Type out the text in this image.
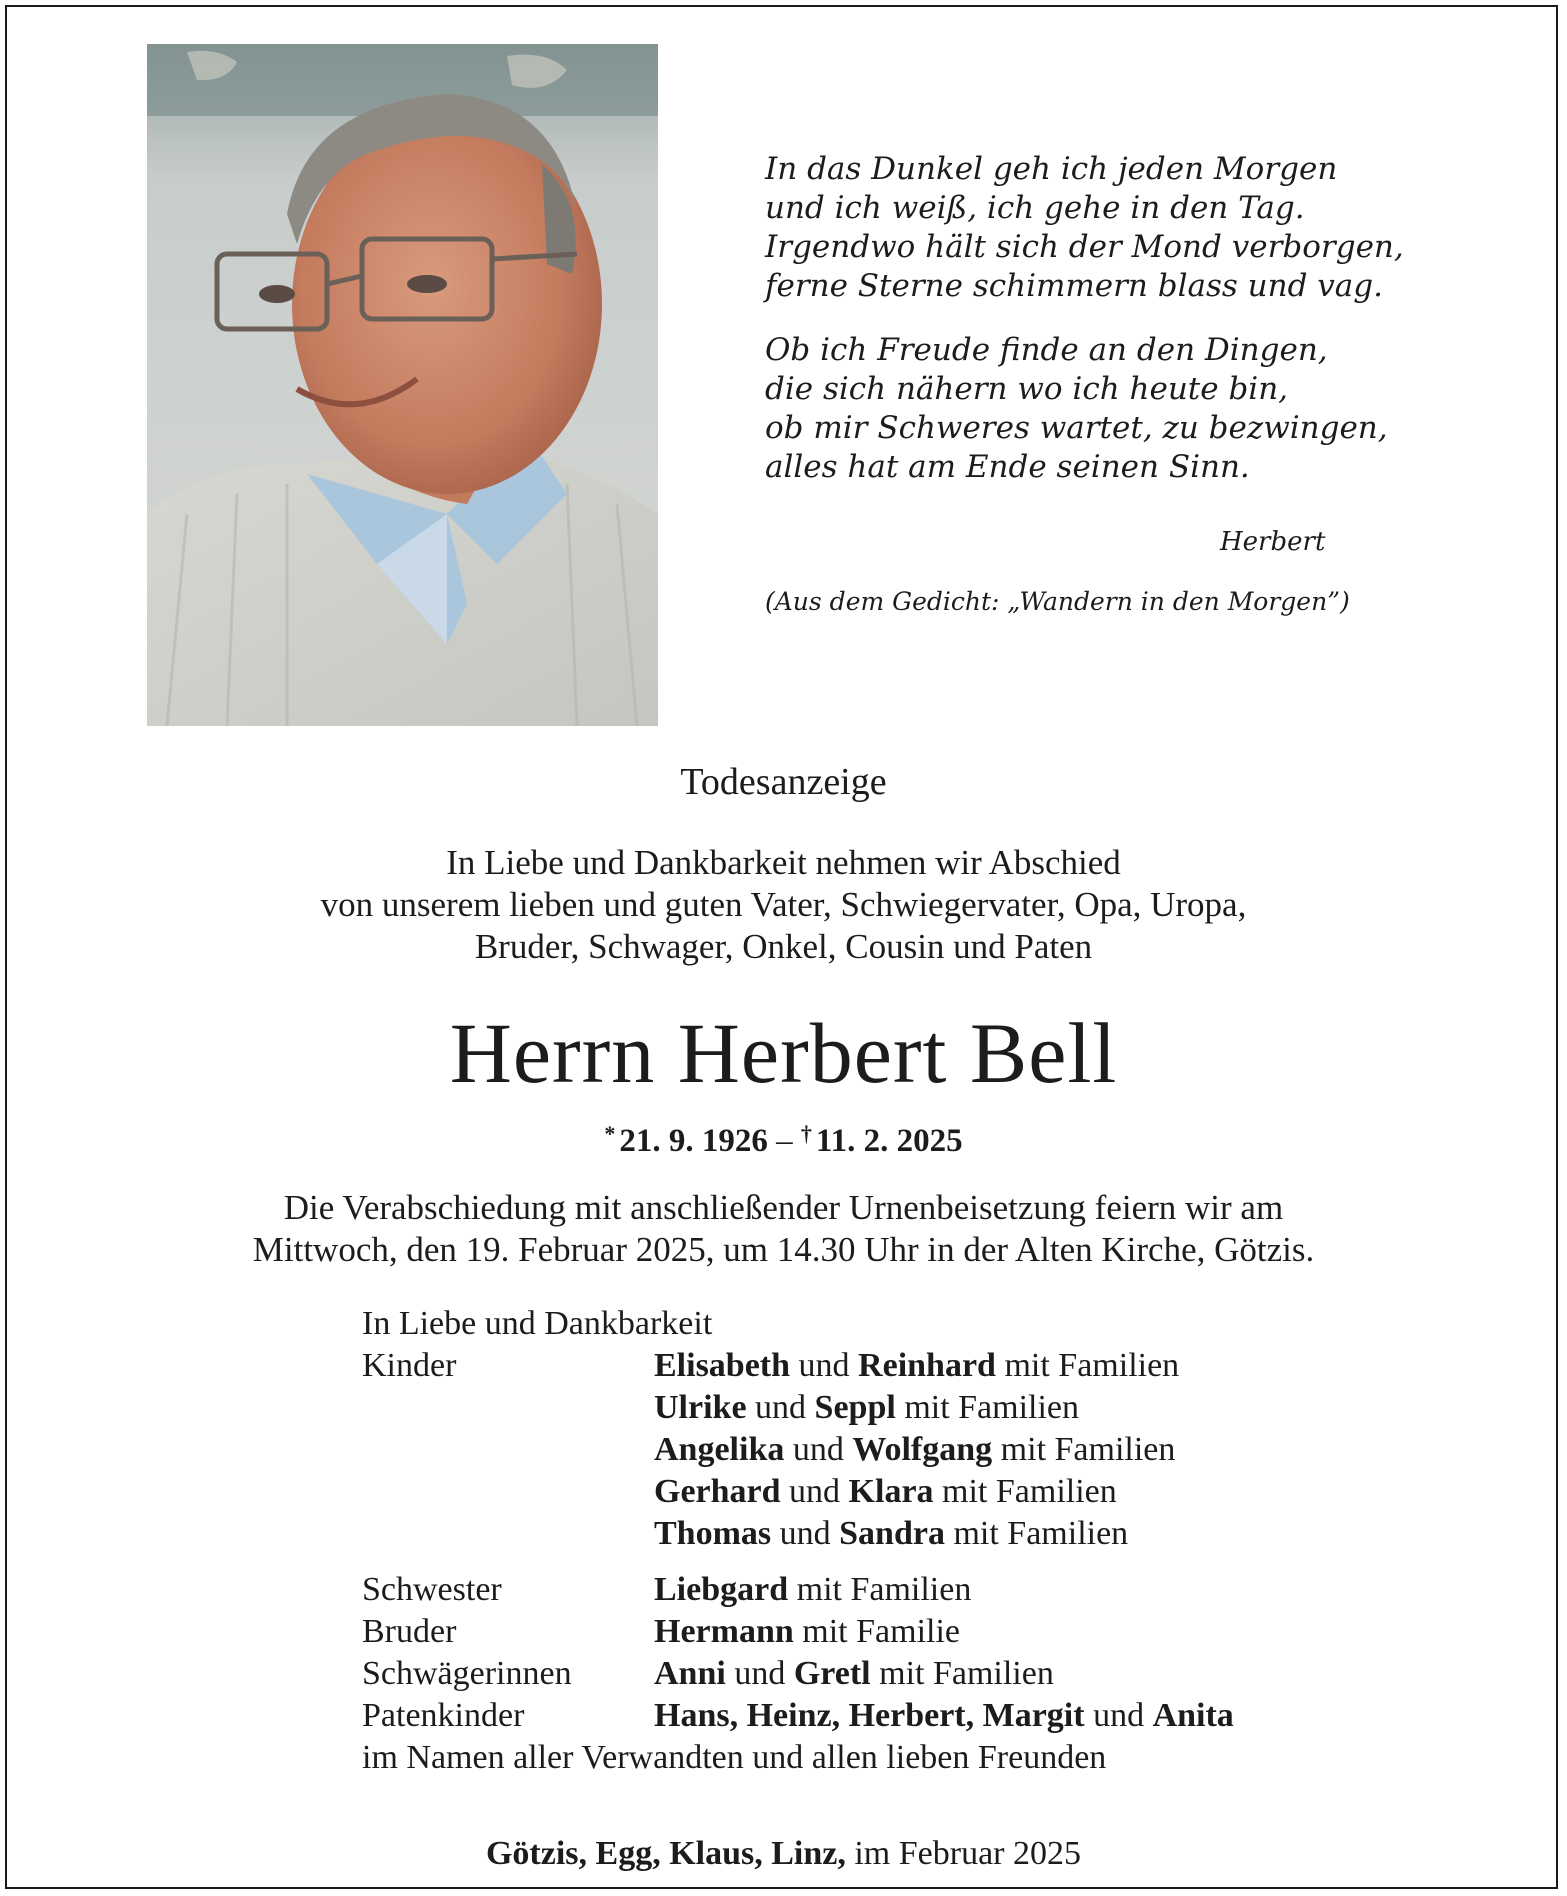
In das Dunkel geh ich jeden Morgen
und ich weiß, ich gehe in den Tag.
Irgendwo hält sich der Mond verborgen,
ferne Sterne schimmern blass und vag.
Ob ich Freude finde an den Dingen,
die sich nähern wo ich heute bin,
ob mir Schweres wartet, zu bezwingen,
alles hat am Ende seinen Sinn.
Herbert
(Aus dem Gedicht: „Wandern in den Morgen”)
Todesanzeige
In Liebe und Dankbarkeit nehmen wir Abschied
von unserem lieben und guten Vater, Schwiegervater, Opa, Uropa,
Bruder, Schwager, Onkel, Cousin und Paten
Herrn Herbert Bell
* 21. 9. 1926 – † 11. 2. 2025
Die Verabschiedung mit anschließender Urnenbeisetzung feiern wir am
Mittwoch, den 19. Februar 2025, um 14.30 Uhr in der Alten Kirche, Götzis.
In Liebe und Dankbarkeit
Kinder	Elisabeth und Reinhard mit Familien
Ulrike und Seppl mit Familien
Angelika und Wolfgang mit Familien
Gerhard und Klara mit Familien
Thomas und Sandra mit Familien
Schwester	Liebgard mit Familien
Bruder	Hermann mit Familie
Schwägerinnen Anni und Gretl mit Familien
Patenkinder	Hans, Heinz, Herbert, Margit und Anita
im Namen aller Verwandten und allen lieben Freunden
Götzis, Egg, Klaus, Linz, im Februar 2025
